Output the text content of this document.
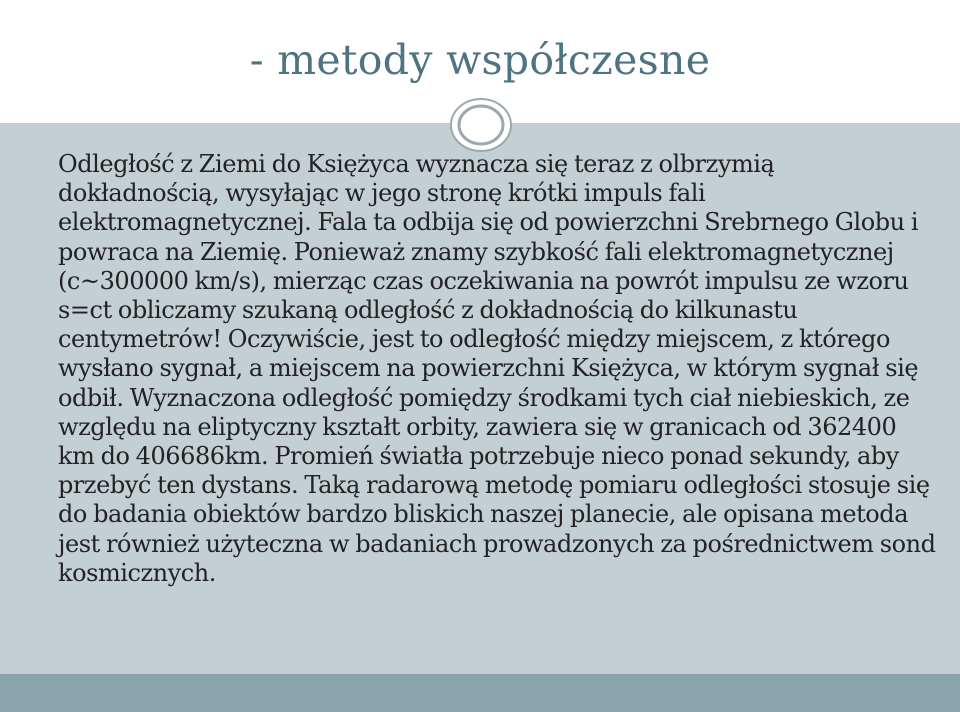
- metody współczesne

Odległość z Ziemi do Księżyca wyznacza się teraz z olbrzymią dokładnością, wysyłając w jego stronę krótki impuls fali elektromagnetycznej. Fala ta odbija się od powierzchni Srebrnego Globu i powraca na Ziemię. Ponieważ znamy szybkość fali elektromagnetycznej (c~300000 km/s), mierząc czas oczekiwania na powrót impulsu ze wzoru s=ct obliczamy szukaną odległość z dokładnością do kilkunastu centymetrów! Oczywiście, jest to odległość między miejscem, z którego wysłano sygnał, a miejscem na powierzchni Księżyca, w którym sygnał się odbił. Wyznaczona odległość pomiędzy środkami tych ciał niebieskich, ze względu na eliptyczny kształt orbity, zawiera się w granicach od 362400 km do 406686km. Promień światła potrzebuje nieco ponad sekundy, aby przebyć ten dystans. Taką radarową metodę pomiaru odległości stosuje się do badania obiektów bardzo bliskich naszej planecie, ale opisana metoda jest również użyteczna w badaniach prowadzonych za pośrednictwem sond kosmicznych.
